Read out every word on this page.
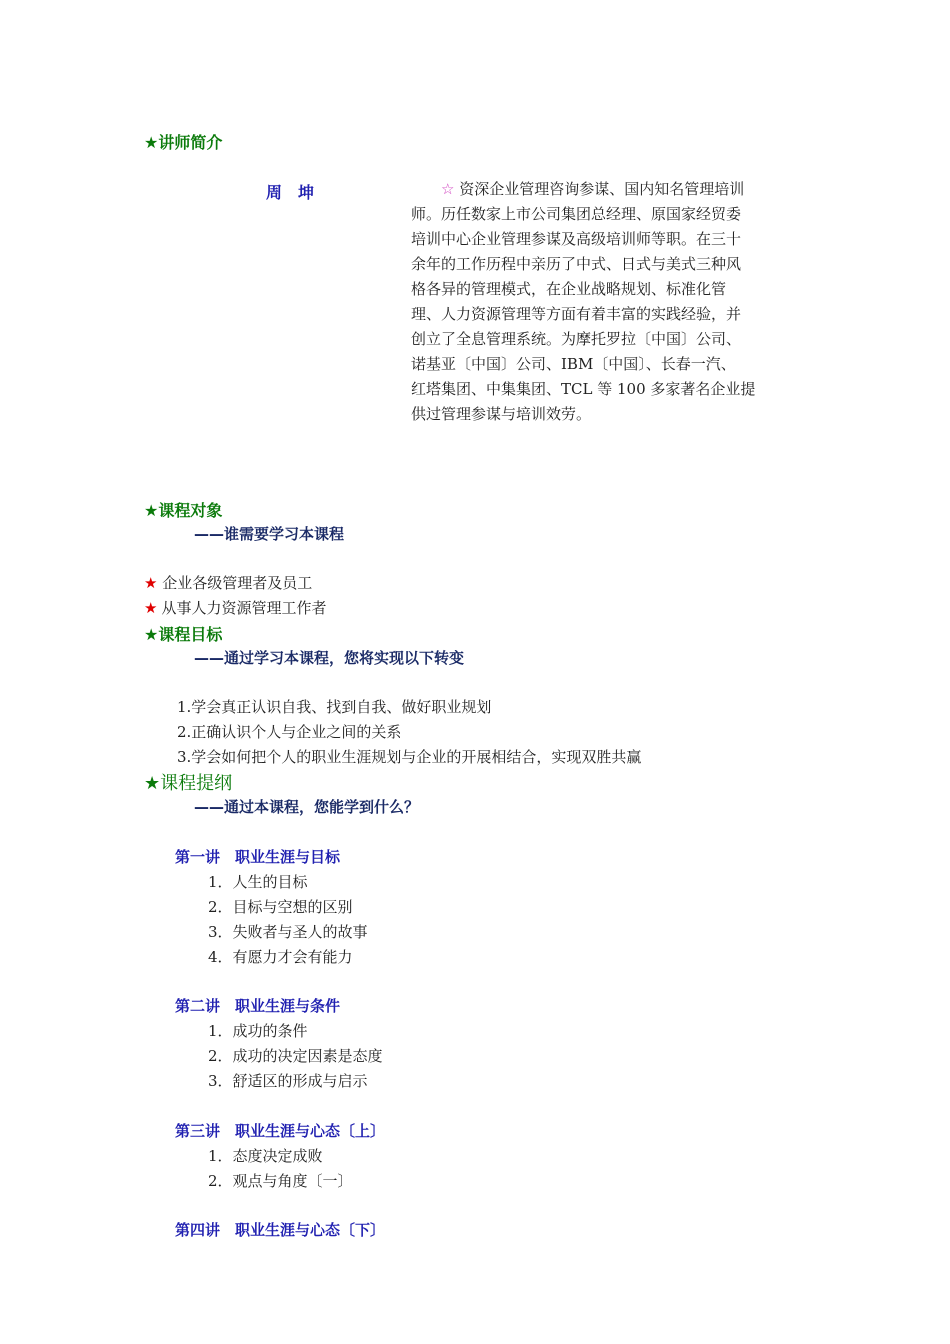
★讲师简介
周　坤	☆ 资深企业管理咨询参谋、国内知名管理培训

师。历任数家上市公司集团总经理、原国家经贸委

培训中心企业管理参谋及高级培训师等职。在三十

余年的工作历程中亲历了中式、日式与美式三种风

格各异的管理模式，在企业战略规划、标准化管

理、人力资源管理等方面有着丰富的实践经验，并

创立了全息管理系统。为摩托罗拉〔中国〕公司、

诺基亚〔中国〕公司、IBM〔中国〕、长春一汽、

红塔集团、中集集团、TCL 等 100 多家著名企业提

供过管理参谋与培训效劳。

★课程对象
——谁需要学习本课程
★ 企业各级管理者及员工
★ 从事人力资源管理工作者
★课程目标
——通过学习本课程，您将实现以下转变
1.学会真正认识自我、找到自我、做好职业规划
2.正确认识个人与企业之间的关系
3.学会如何把个人的职业生涯规划与企业的开展相结合，实现双胜共赢
★课程提纲
——通过本课程，您能学到什么？
第一讲　职业生涯与目标
1．人生的目标
2．目标与空想的区别
3．失败者与圣人的故事
4．有愿力才会有能力
第二讲　职业生涯与条件
1．成功的条件
2．成功的决定因素是态度
3．舒适区的形成与启示
第三讲　职业生涯与心态〔上〕
1．态度决定成败
2．观点与角度〔一〕
第四讲　职业生涯与心态〔下〕
